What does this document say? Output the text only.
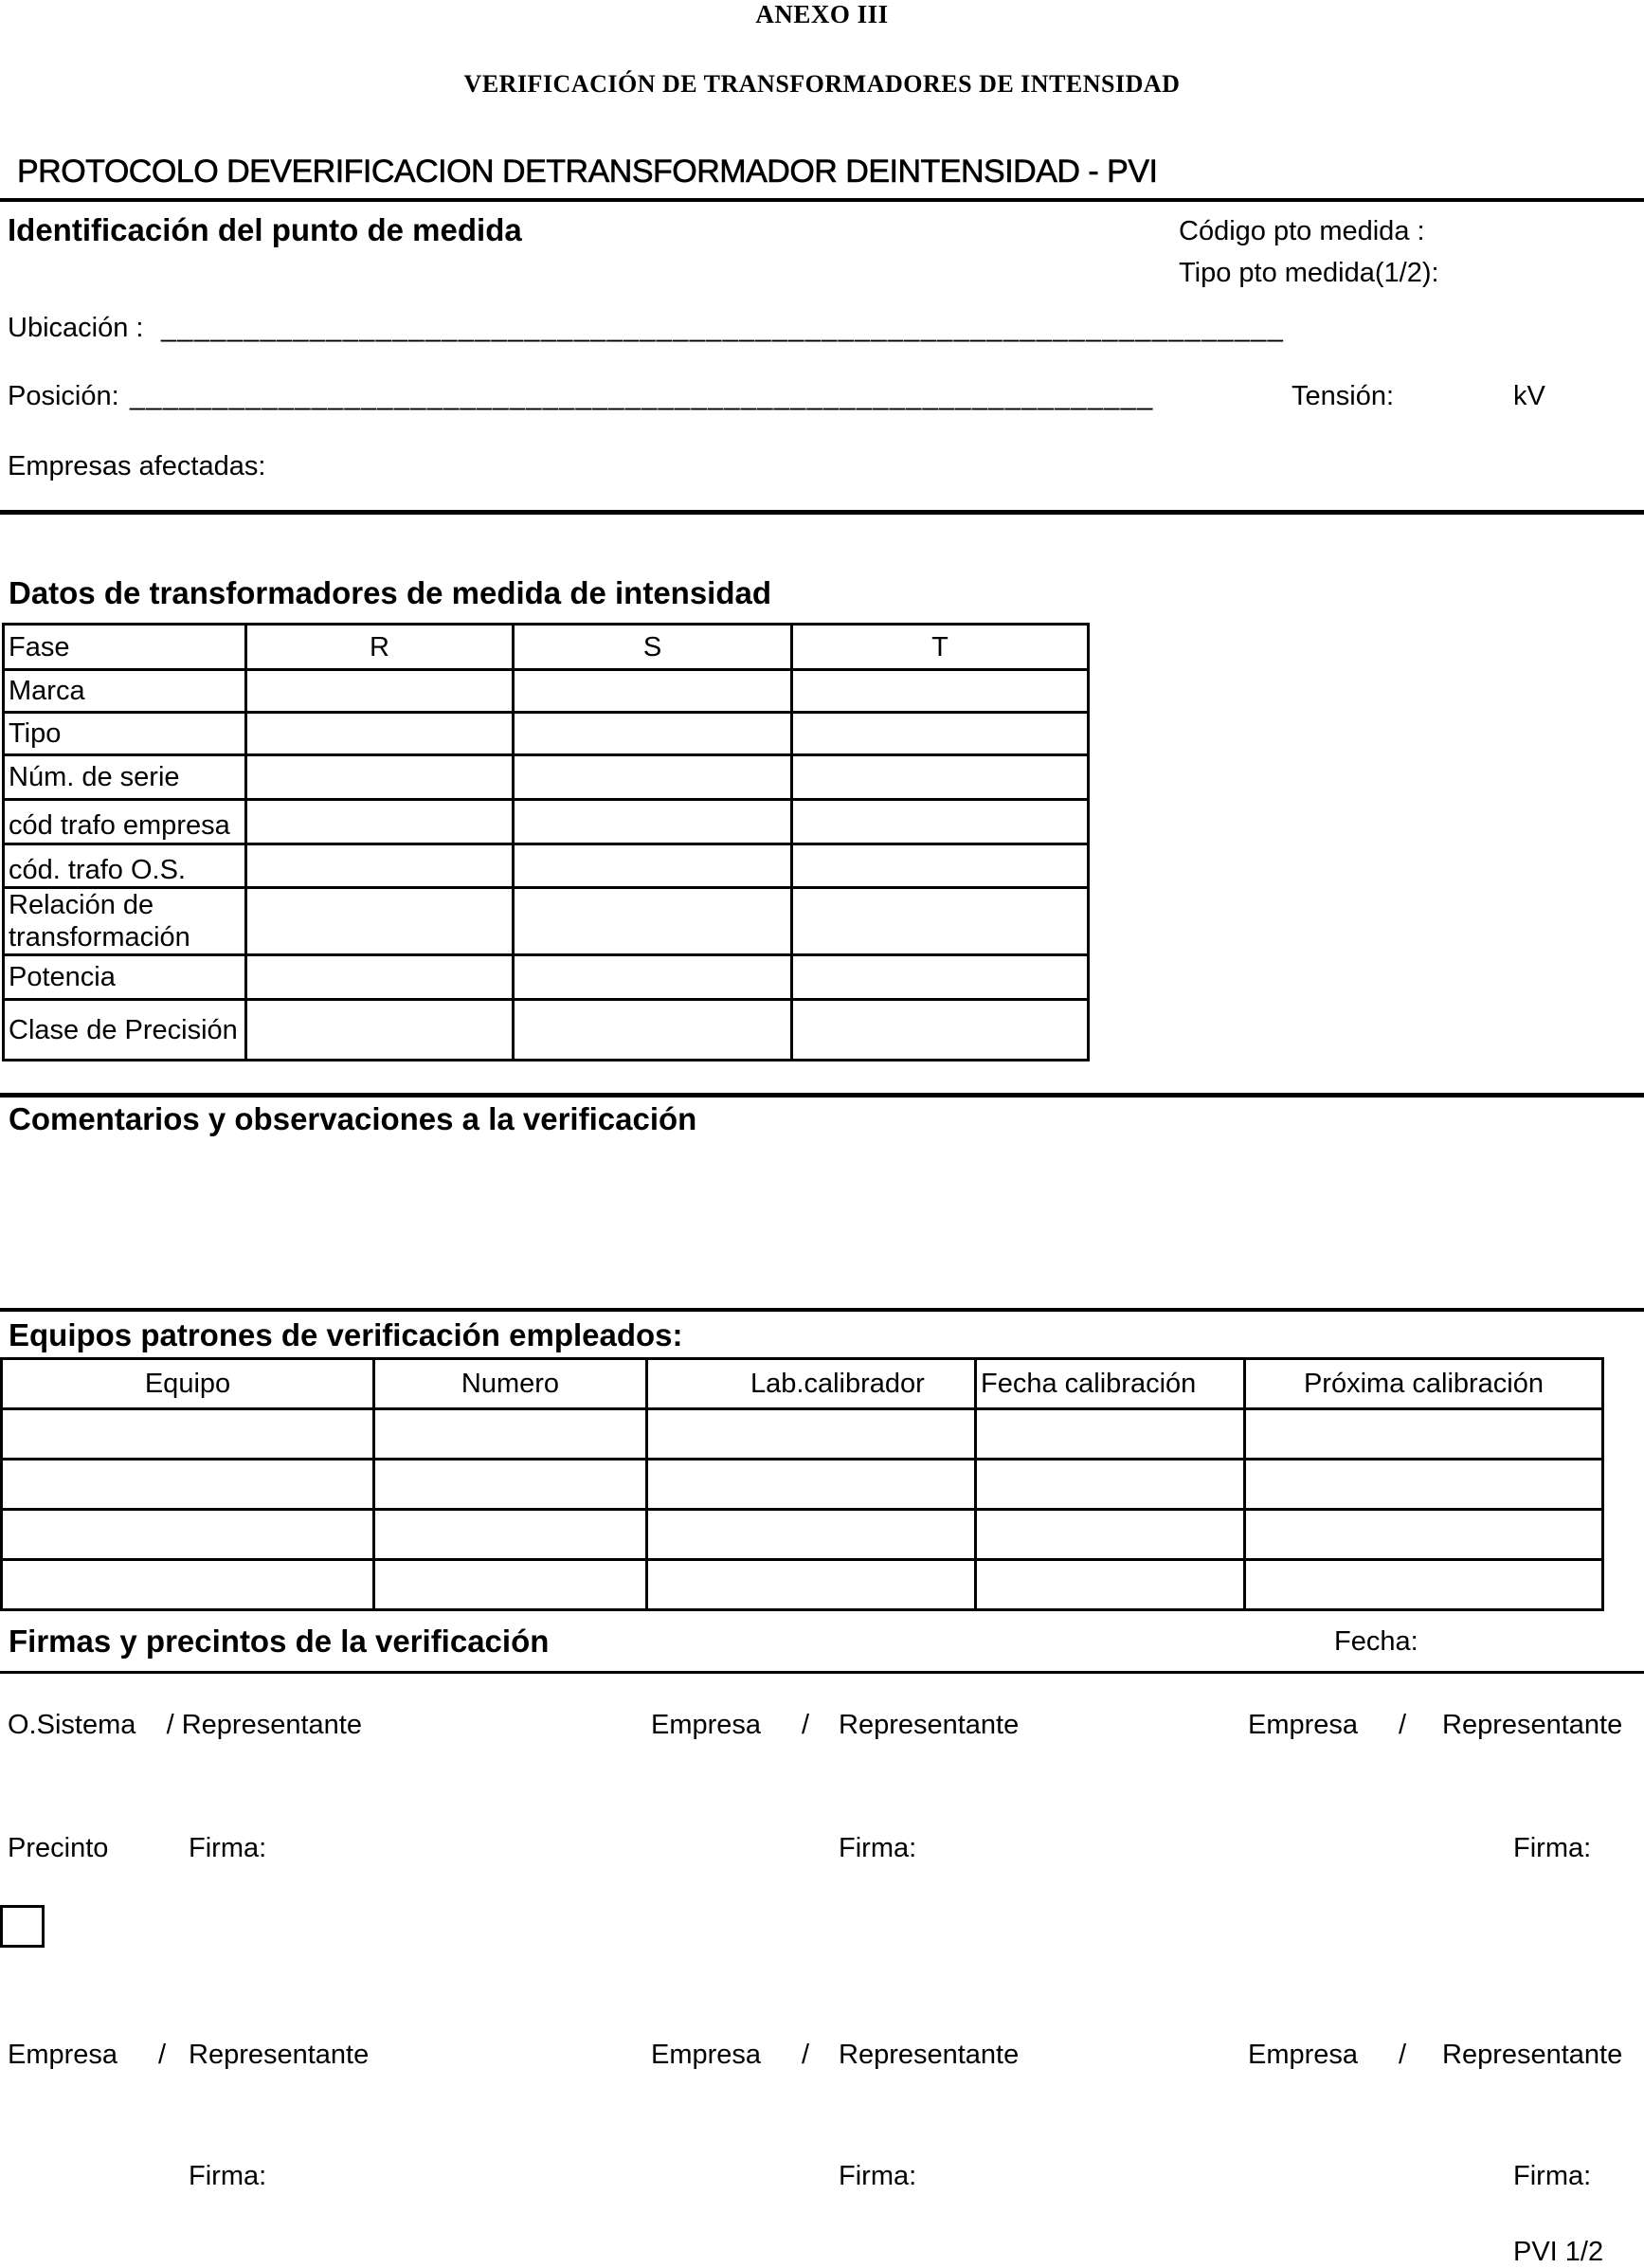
ANEXO III
VERIFICACIÓN DE TRANSFORMADORES DE INTENSIDAD
PROTOCOLO DEVERIFICACION DETRANSFORMADOR DEINTENSIDAD - PVI
Identificación del punto de medida	Código pto medida :
Tipo pto medida(1/2):
Ubicación : ____________________________________________________________________
Posición: ______________________________________________________________	Tensión:	kV
Empresas afectadas:
Datos de transformadores de medida de intensidad
Fase	R	S	T
Marca			
Tipo			
Núm. de serie			
cód trafo empresa			
cód. trafo O.S.			
Relación de transformación			
Potencia			
Clase de Precisión			
Comentarios y observaciones a la verificación
Equipos patrones de verificación empleados:
Equipo	Numero	Lab.calibrador	Fecha calibración	Próxima calibración

Firmas y precintos de la verificación	Fecha:
O.Sistema    / Representante	Empresa / Representante	Empresa / Representante
Precinto	Firma:	Firma:	Firma:
Empresa / Representante	Empresa / Representante	Empresa / Representante
Firma:	Firma:	Firma:
PVI 1/2
